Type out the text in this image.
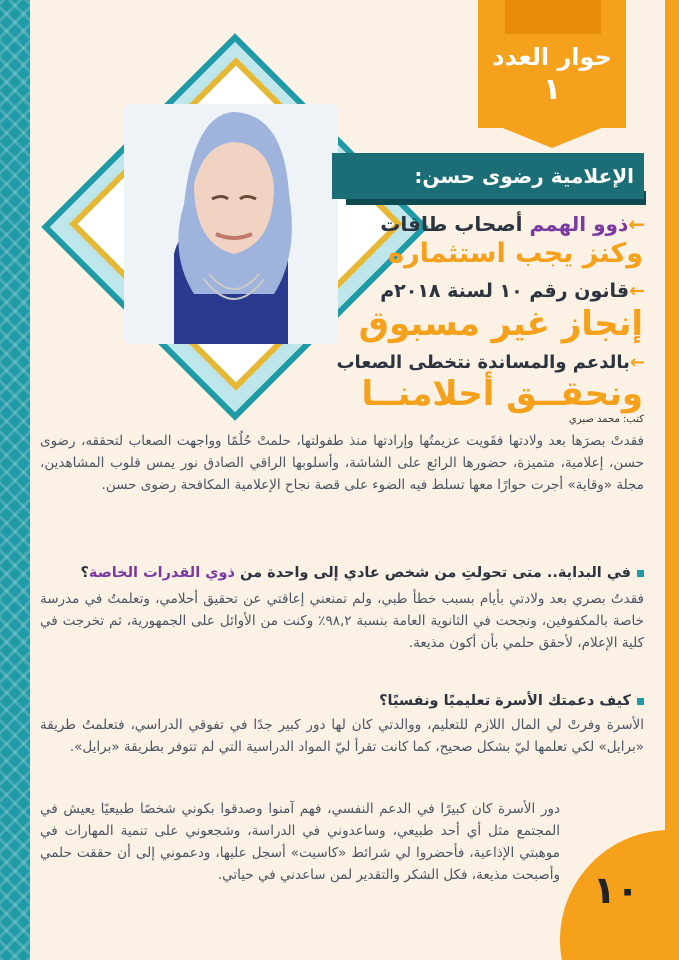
حوار العدد
١
الإعلامية رضوى حسن:
←ذوو الهمم أصحاب طاقات
وكنز يجب استثماره
←قانون رقم ١٠ لسنة ٢٠١٨م
إنجاز غير مسبوق
←بالدعم والمساندة نتخطى الصعاب
ونحقــق أحلامنــا
كتب: محمد صبري
فقدتْ بصرَها بعد ولادتها فقَويت عزيمتُها وإرادتها منذ طفولتها، حلمتْ حُلُمًا وواجهت الصعاب لتحققه، رضوى حسن، إعلامية، متميزة، حضورها الرائع على الشاشة، وأسلوبها الراقي الصادق نور يمس قلوب المشاهدين، مجلة «وقاية» أجرت حوارًا معها تسلط فيه الضوء على قصة نجاح الإعلامية المكافحة رضوى حسن.
في البداية.. متى تحولتِ من شخص عادي إلى واحدة من ذوي القدرات الخاصة؟
فقدتُ بصري بعد ولادتي بأيام بسبب خطأ طبي، ولم تمنعني إعاقتي عن تحقيق أحلامي، وتعلمتُ في مدرسة خاصة بالمكفوفين، ونجحت في الثانوية العامة بنسبة ٩٨,٢٪ وكنت من الأوائل على الجمهورية، ثم تخرجت في كلية الإعلام، لأحقق حلمي بأن أكون مذيعة.
كيف دعمتك الأسرة تعليميًا ونفسيًا؟
الأسرة وفرتْ لي المال اللازم للتعليم، ووالدتي كان لها دور كبير جدًا في تفوقي الدراسي، فتعلمتُ طريقة «برايل» لكي تعلمها ليّ بشكل صحيح، كما كانت تقرأ ليّ المواد الدراسية التي لم تتوفر بطريقة «برايل».
دور الأسرة كان كبيرًا في الدعم النفسي، فهم آمنوا وصدقوا بكوني شخصًا طبيعيًا يعيش في المجتمع مثل أي أحد طبيعي، وساعدوني في الدراسة، وشجعوني على تنمية المهارات في موهبتي الإذاعية، فأحضروا لي شرائط «كاسيت» أسجل عليها، ودعموني إلى أن حققت حلمي وأصبحت مذيعة، فكل الشكر والتقدير لمن ساعدني في حياتي. ١٠
